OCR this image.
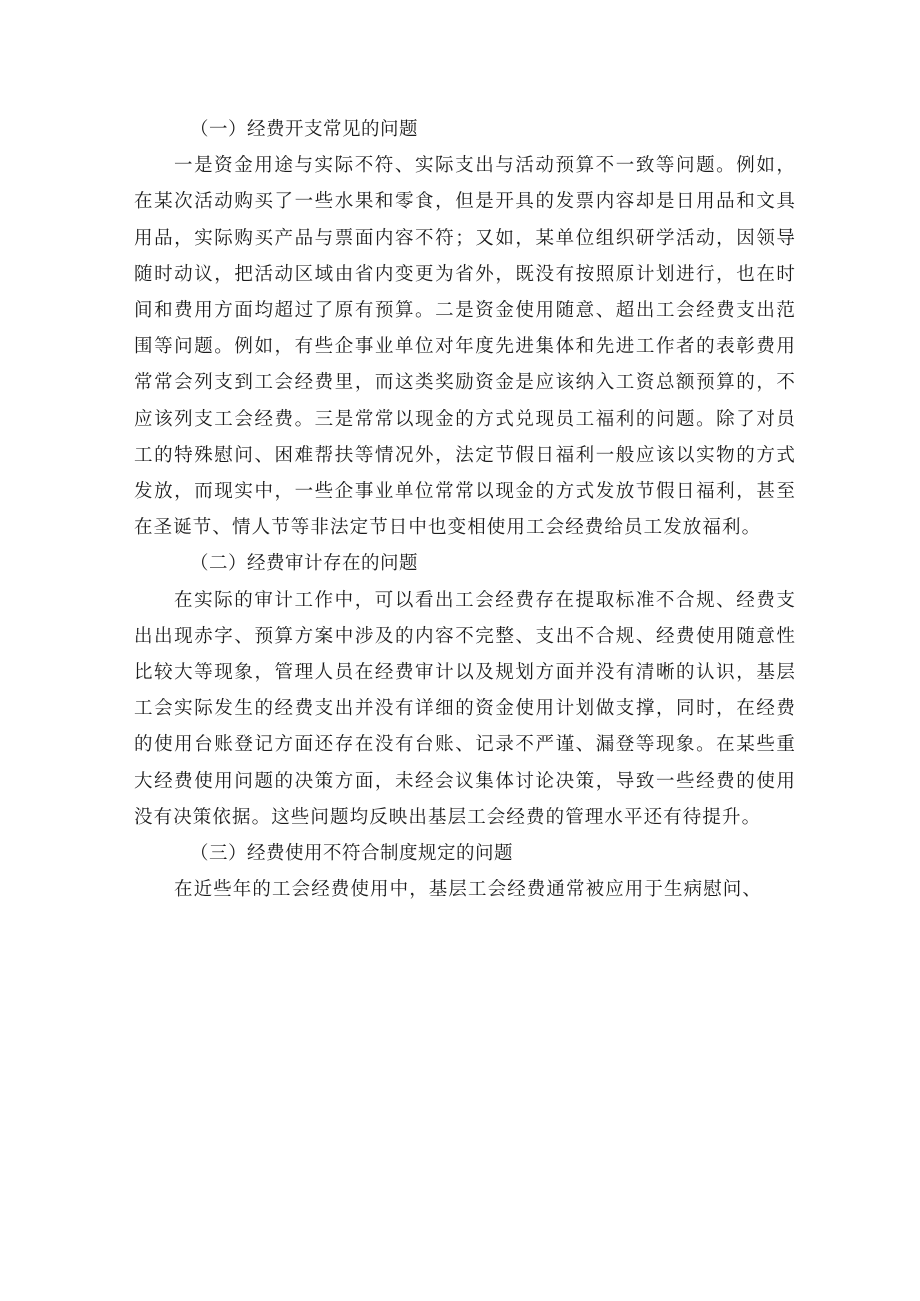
（一）经费开支常见的问题

一是资金用途与实际不符、实际支出与活动预算不一致等问题。例如，在某次活动购买了一些水果和零食，但是开具的发票内容却是日用品和文具用品，实际购买产品与票面内容不符；又如，某单位组织研学活动，因领导随时动议，把活动区域由省内变更为省外，既没有按照原计划进行，也在时间和费用方面均超过了原有预算。二是资金使用随意、超出工会经费支出范围等问题。例如，有些企事业单位对年度先进集体和先进工作者的表彰费用常常会列支到工会经费里，而这类奖励资金是应该纳入工资总额预算的，不应该列支工会经费。三是常常以现金的方式兑现员工福利的问题。除了对员工的特殊慰问、困难帮扶等情况外，法定节假日福利一般应该以实物的方式发放，而现实中，一些企事业单位常常以现金的方式发放节假日福利，甚至在圣诞节、情人节等非法定节日中也变相使用工会经费给员工发放福利。

（二）经费审计存在的问题

在实际的审计工作中，可以看出工会经费存在提取标准不合规、经费支出出现赤字、预算方案中涉及的内容不完整、支出不合规、经费使用随意性比较大等现象，管理人员在经费审计以及规划方面并没有清晰的认识，基层工会实际发生的经费支出并没有详细的资金使用计划做支撑，同时，在经费的使用台账登记方面还存在没有台账、记录不严谨、漏登等现象。在某些重大经费使用问题的决策方面，未经会议集体讨论决策，导致一些经费的使用没有决策依据。这些问题均反映出基层工会经费的管理水平还有待提升。

（三）经费使用不符合制度规定的问题

在近些年的工会经费使用中，基层工会经费通常被应用于生病慰问、
